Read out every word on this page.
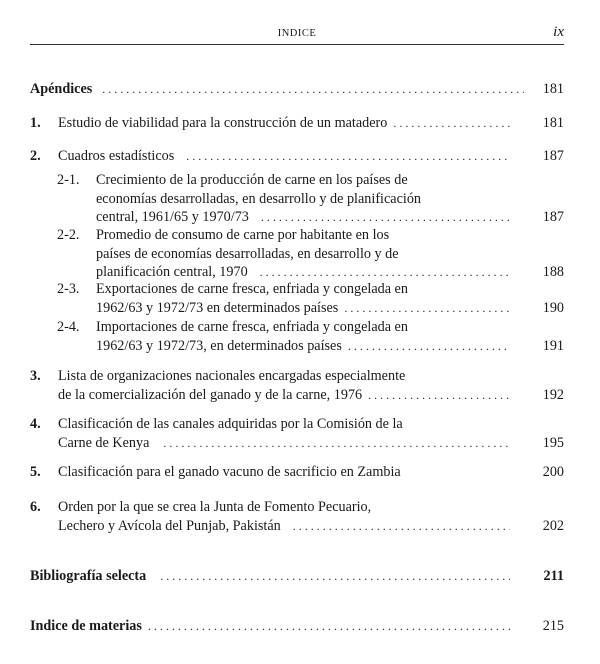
INDICE	ix
Apéndices . . .	181
1. Estudio de viabilidad para la construcción de un matadero . . .	181
2. Cuadros estadísticos . . .	187
2-1. Crecimiento de la producción de carne en los países de
economías desarrolladas, en desarrollo y de planificación
central, 1961/65 y 1970/73 . . .	187
2-2. Promedio de consumo de carne por habitante en los
países de economías desarrolladas, en desarrollo y de
planificación central, 1970 . . .	188
2-3. Exportaciones de carne fresca, enfriada y congelada en
1962/63 y 1972/73 en determinados países . . .	190
2-4. Importaciones de carne fresca, enfriada y congelada en
1962/63 y 1972/73, en determinados países . . .	191
3. Lista de organizaciones nacionales encargadas especialmente
de la comercialización del ganado y de la carne, 1976 . . .	192
4. Clasificación de las canales adquiridas por la Comisión de la
Carne de Kenya . . .	195
5. Clasificación para el ganado vacuno de sacrificio en Zambia	200
6. Orden por la que se crea la Junta de Fomento Pecuario,
Lechero y Avícola del Punjab, Pakistán . . .	202
Bibliografía selecta . . .	211
Indice de materias . . .	215
